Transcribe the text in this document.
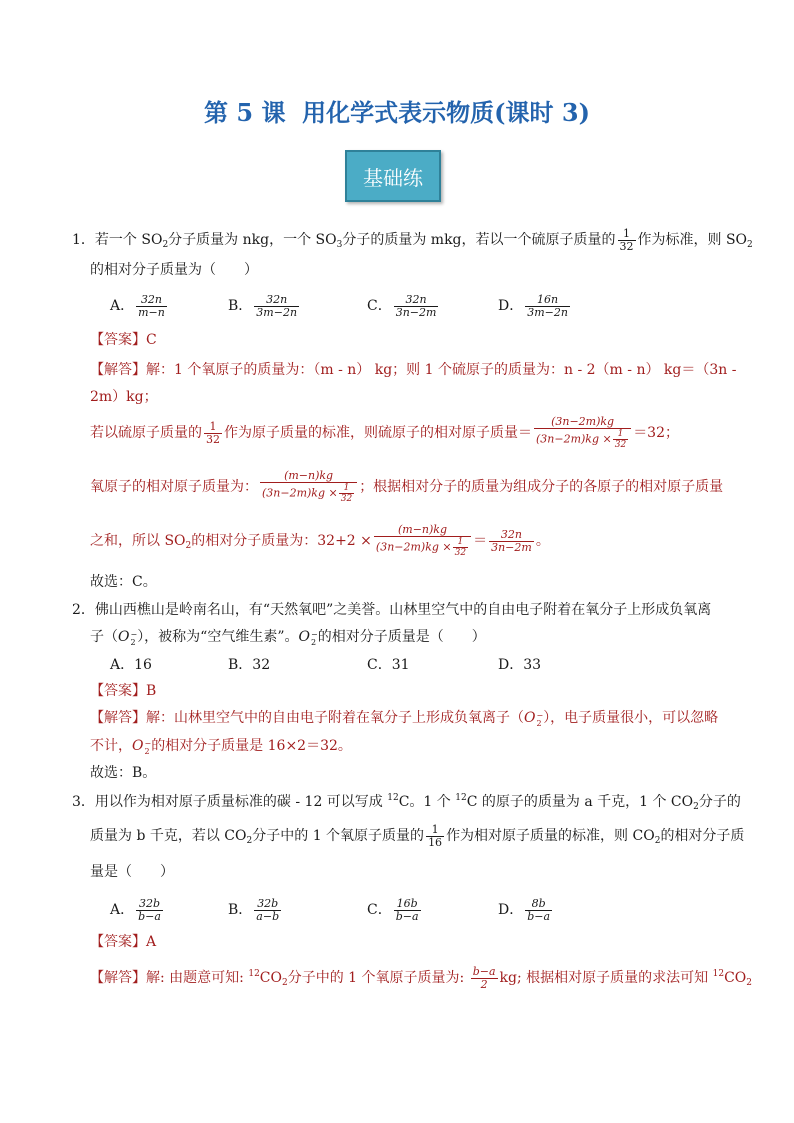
第 5 课  用化学式表示物质(课时 3)
基础练
1．若一个 $SO_2$分子质量为 nkg，一个 $SO_3$分子的质量为 mkg，若以一个硫原子质量的 $\frac{1}{32}$ 作为标准，则 $SO_2$
的相对分子质量为（　　）
A． $\frac{32n}{m-n}$	B． $\frac{32n}{3m-2n}$	C． $\frac{32n}{3n-2m}$	D． $\frac{16n}{3m-2n}$
【答案】C
【解答】解：1 个氧原子的质量为：（m - n） kg；则 1 个硫原子的质量为：n - 2（m - n） kg＝（3n -
2m）kg；
若以硫原子质量的 $\frac{1}{32}$ 作为原子质量的标准，则硫原子的相对原子质量＝ $\frac{(3n-2m)kg}{(3n-2m)kg \times \frac{1}{32}} =32$；
氧原子的相对原子质量为： $\frac{(m-n)kg}{(3n-2m)kg \times \frac{1}{32}}$ ；根据相对分子的质量为组成分子的各原子的相对原子质量
之和，所以 $SO_2$的相对分子质量为：$32+2 \times \frac{(m-n)kg}{(3n-2m)kg \times \frac{1}{32}} = \frac{32n}{3n-2m}$ 。
故选：C。
2．佛山西樵山是岭南名山，有“天然氧吧”之美誉。山林里空气中的自由电子附着在氧分子上形成负氧离
子（O −
2 ），被称为“空气维生素”。O −
2 的相对分子质量是（　　）
A．16	B．32	C．31	D．33
【答案】B
【解答】解：山林里空气中的自由电子附着在氧分子上形成负氧离子（O −
2 ），电子质量很小，可以忽略
不计，O −
2 的相对分子质量是 16×2＝32。
故选：B。
3．用以作为相对原子质量标准的碳 - 12 可以写成 $^{12}$C。1 个 $^{12}$C 的原子的质量为 a 千克，1 个 $CO_2$分子的
质量为 b 千克，若以 $CO_2$分子中的 1 个氧原子质量的 $\frac{1}{16}$ 作为相对原子质量的标准，则 $CO_2$的相对分子质
量是（　　）
A． $\frac{32b}{b-a}$	B． $\frac{32b}{a-b}$	C． $\frac{16b}{b-a}$	D． $\frac{8b}{b-a}$
【答案】A
【解答】解: 由题意可知: $^{12}CO_2$分子中的 1 个氧原子质量为: $\frac{b-a}{2}$ kg; 根据相对原子质量的求法可知 $^{12}CO_2$
